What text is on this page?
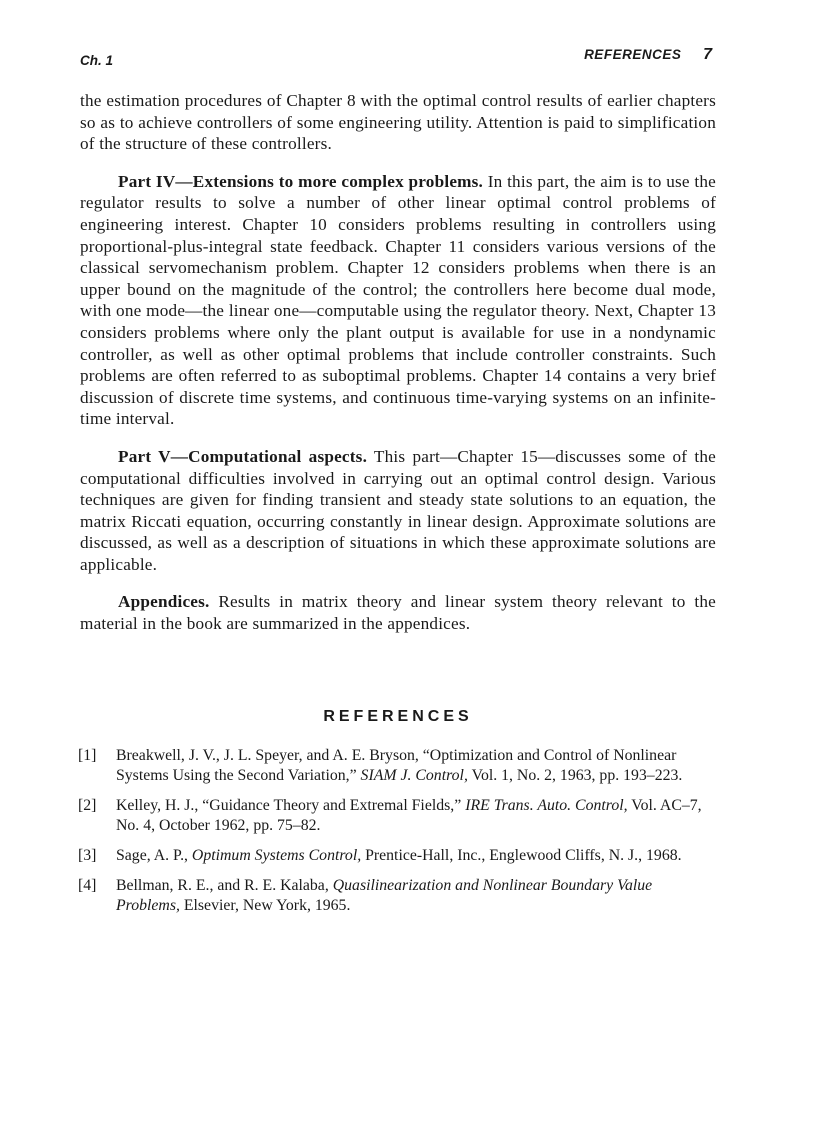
Ch. 1	REFERENCES 7

the estimation procedures of Chapter 8 with the optimal control results of earlier chapters so as to achieve controllers of some engineering utility. Attention is paid to simplification of the structure of these controllers.

Part IV—Extensions to more complex problems. In this part, the aim is to use the regulator results to solve a number of other linear optimal control problems of engineering interest. Chapter 10 considers problems resulting in controllers using proportional-plus-integral state feedback. Chapter 11 considers various versions of the classical servomechanism problem. Chapter 12 considers problems when there is an upper bound on the magnitude of the control; the controllers here become dual mode, with one mode—the linear one—computable using the regulator theory. Next, Chapter 13 considers problems where only the plant output is available for use in a nondynamic controller, as well as other optimal problems that include controller constraints. Such problems are often referred to as suboptimal problems. Chapter 14 contains a very brief discussion of discrete time systems, and continuous time-varying systems on an infinite-time interval.

Part V—Computational aspects. This part—Chapter 15—discusses some of the computational difficulties involved in carrying out an optimal control design. Various techniques are given for finding transient and steady state solutions to an equation, the matrix Riccati equation, occurring constantly in linear design. Approximate solutions are discussed, as well as a description of situations in which these approximate solutions are applicable.

Appendices. Results in matrix theory and linear system theory relevant to the material in the book are summarized in the appendices.

REFERENCES
[1] Breakwell, J. V., J. L. Speyer, and A. E. Bryson, “Optimization and Control of Nonlinear Systems Using the Second Variation,” SIAM J. Control, Vol. 1, No. 2, 1963, pp. 193–223.
[2] Kelley, H. J., “Guidance Theory and Extremal Fields,” IRE Trans. Auto. Control, Vol. AC–7, No. 4, October 1962, pp. 75–82.
[3] Sage, A. P., Optimum Systems Control, Prentice-Hall, Inc., Englewood Cliffs, N. J., 1968.
[4] Bellman, R. E., and R. E. Kalaba, Quasilinearization and Nonlinear Boundary Value Problems, Elsevier, New York, 1965.
